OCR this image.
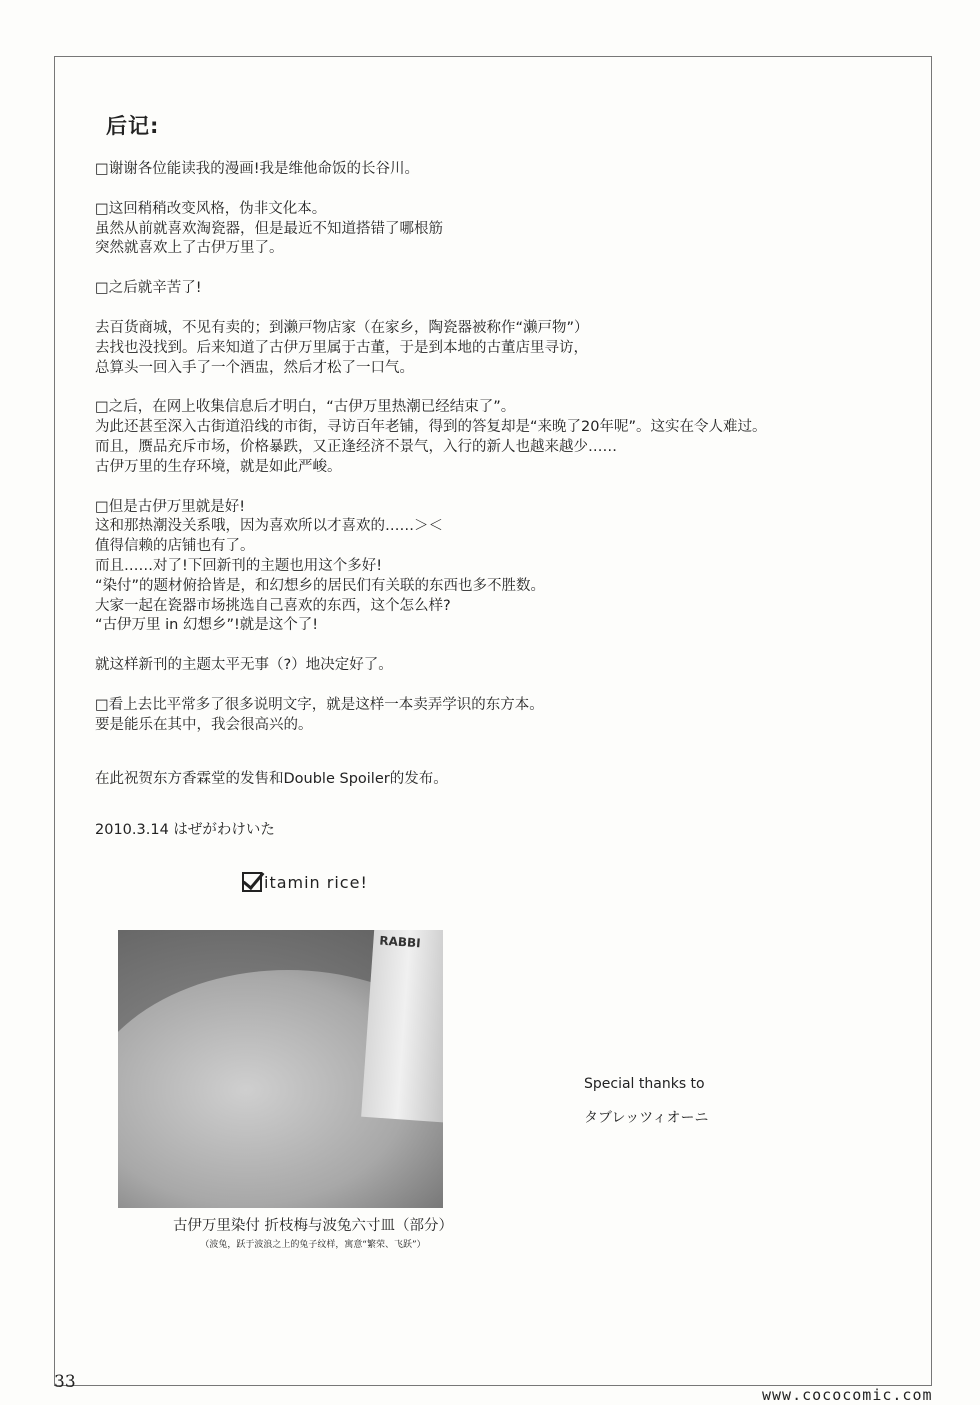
后记:
□谢谢各位能读我的漫画!我是维他命饭的长谷川。
□这回稍稍改变风格，伪非文化本。
虽然从前就喜欢淘瓷器，但是最近不知道搭错了哪根筋
突然就喜欢上了古伊万里了。
□之后就辛苦了!
去百货商城，不见有卖的；到濑戸物店家（在家乡，陶瓷器被称作“濑戸物”）
去找也没找到。后来知道了古伊万里属于古董，于是到本地的古董店里寻访，
总算头一回入手了一个酒盅，然后才松了一口气。
□之后，在网上收集信息后才明白，“古伊万里热潮已经结束了”。
为此还甚至深入古街道沿线的市街，寻访百年老铺，得到的答复却是“来晚了20年呢”。这实在令人难过。
而且，赝品充斥市场，价格暴跌，又正逢经济不景气，入行的新人也越来越少……
古伊万里的生存环境，就是如此严峻。
□但是古伊万里就是好!
这和那热潮没关系哦，因为喜欢所以才喜欢的……＞＜
值得信赖的店铺也有了。
而且……对了!下回新刊的主题也用这个多好!
“染付”的题材俯拾皆是，和幻想乡的居民们有关联的东西也多不胜数。
大家一起在瓷器市场挑选自己喜欢的东西，这个怎么样?
“古伊万里 in 幻想乡”!就是这个了!
就这样新刊的主题太平无事（?）地决定好了。
□看上去比平常多了很多说明文字，就是这样一本卖弄学识的东方本。
要是能乐在其中，我会很高兴的。
在此祝贺东方香霖堂的发售和Double Spoiler的发布。
2010.3.14 はぜがわけいた
itamin rice!
RABBI
古伊万里染付 折枝梅与波兔六寸皿（部分）
（波兔，跃于波浪之上的兔子纹样，寓意“繁荣、飞跃”）
Special thanks to
タブレッツィオーニ
33
www.cococomic.com
